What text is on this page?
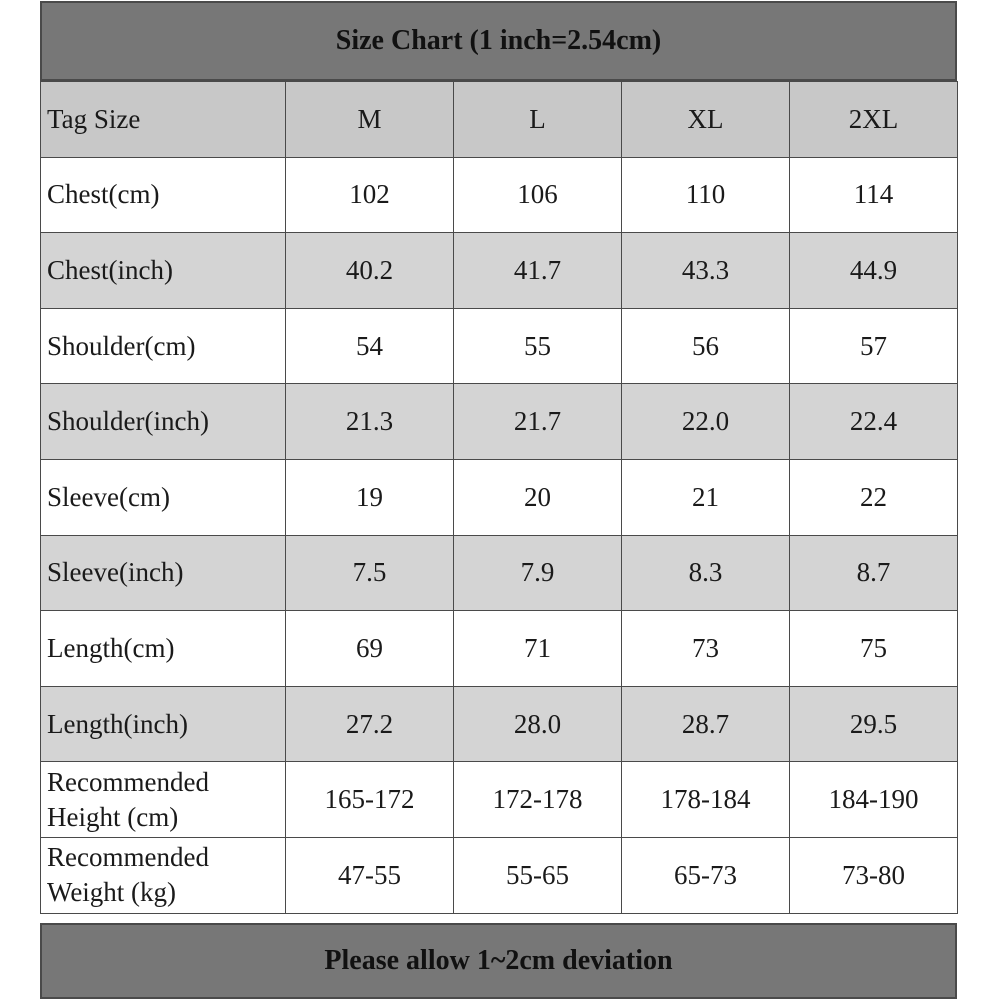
Size Chart (1 inch=2.54cm)
Tag Size	M	L	XL	2XL
Chest(cm)	102	106	110	114
Chest(inch)	40.2	41.7	43.3	44.9
Shoulder(cm)	54	55	56	57
Shoulder(inch)	21.3	21.7	22.0	22.4
Sleeve(cm)	19	20	21	22
Sleeve(inch)	7.5	7.9	8.3	8.7
Length(cm)	69	71	73	75
Length(inch)	27.2	28.0	28.7	29.5
Recommended Height (cm)	165-172	172-178	178-184	184-190
Recommended Weight (kg)	47-55	55-65	65-73	73-80
Please allow 1~2cm deviation
